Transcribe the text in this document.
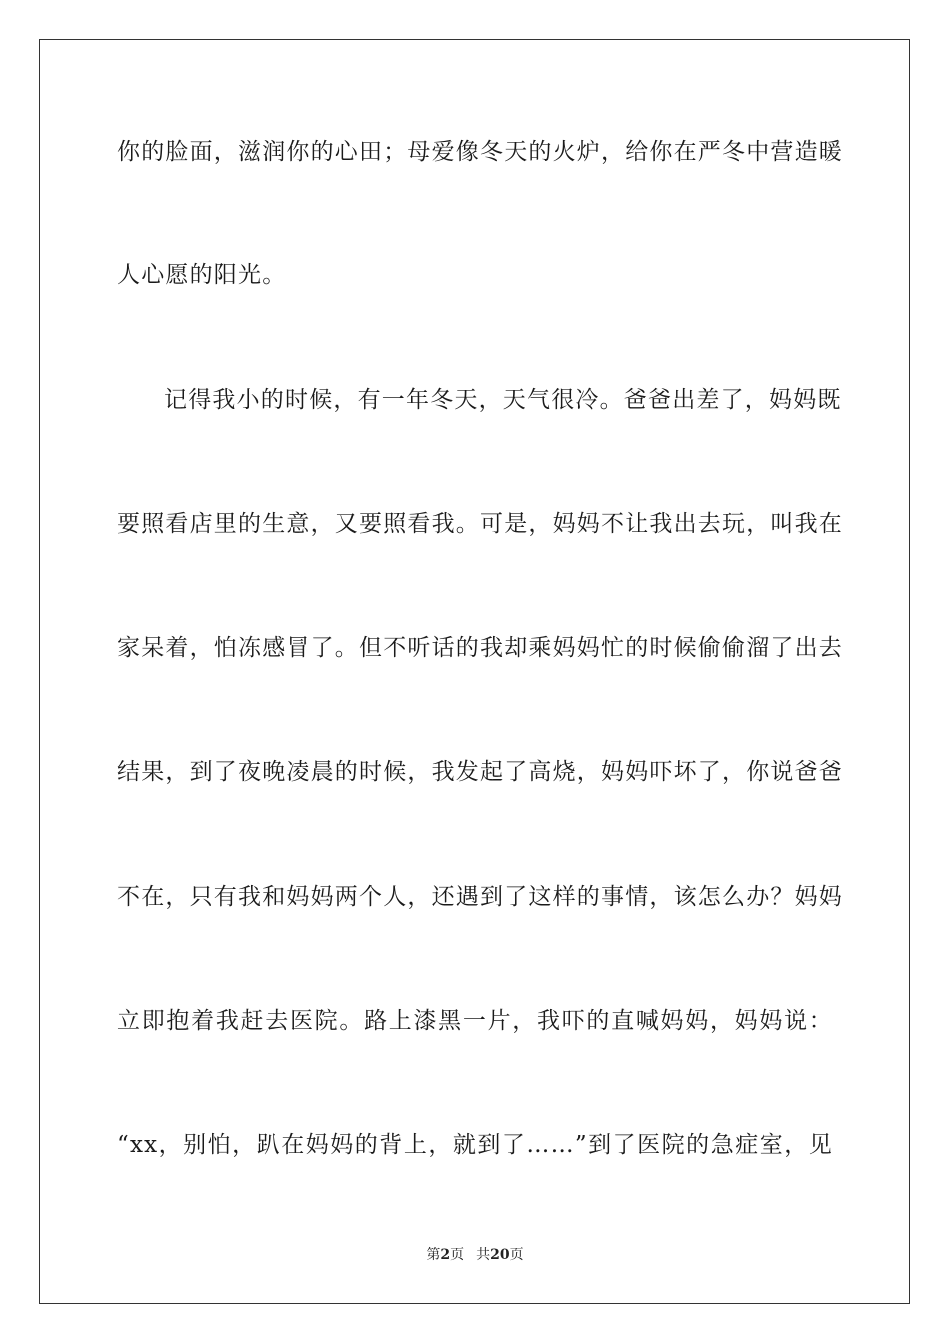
你的脸面，滋润你的心田；母爱像冬天的火炉，给你在严冬中营造暖
人心愿的阳光。
记得我小的时候，有一年冬天，天气很冷。爸爸出差了，妈妈既
要照看店里的生意，又要照看我。可是，妈妈不让我出去玩，叫我在
家呆着，怕冻感冒了。但不听话的我却乘妈妈忙的时候偷偷溜了出去
结果，到了夜晚凌晨的时候，我发起了高烧，妈妈吓坏了，你说爸爸
不在，只有我和妈妈两个人，还遇到了这样的事情，该怎么办？妈妈
立即抱着我赶去医院。路上漆黑一片，我吓的直喊妈妈，妈妈说：
“xx，别怕，趴在妈妈的背上，就到了……”到了医院的急症室，见
第2页 共20页
